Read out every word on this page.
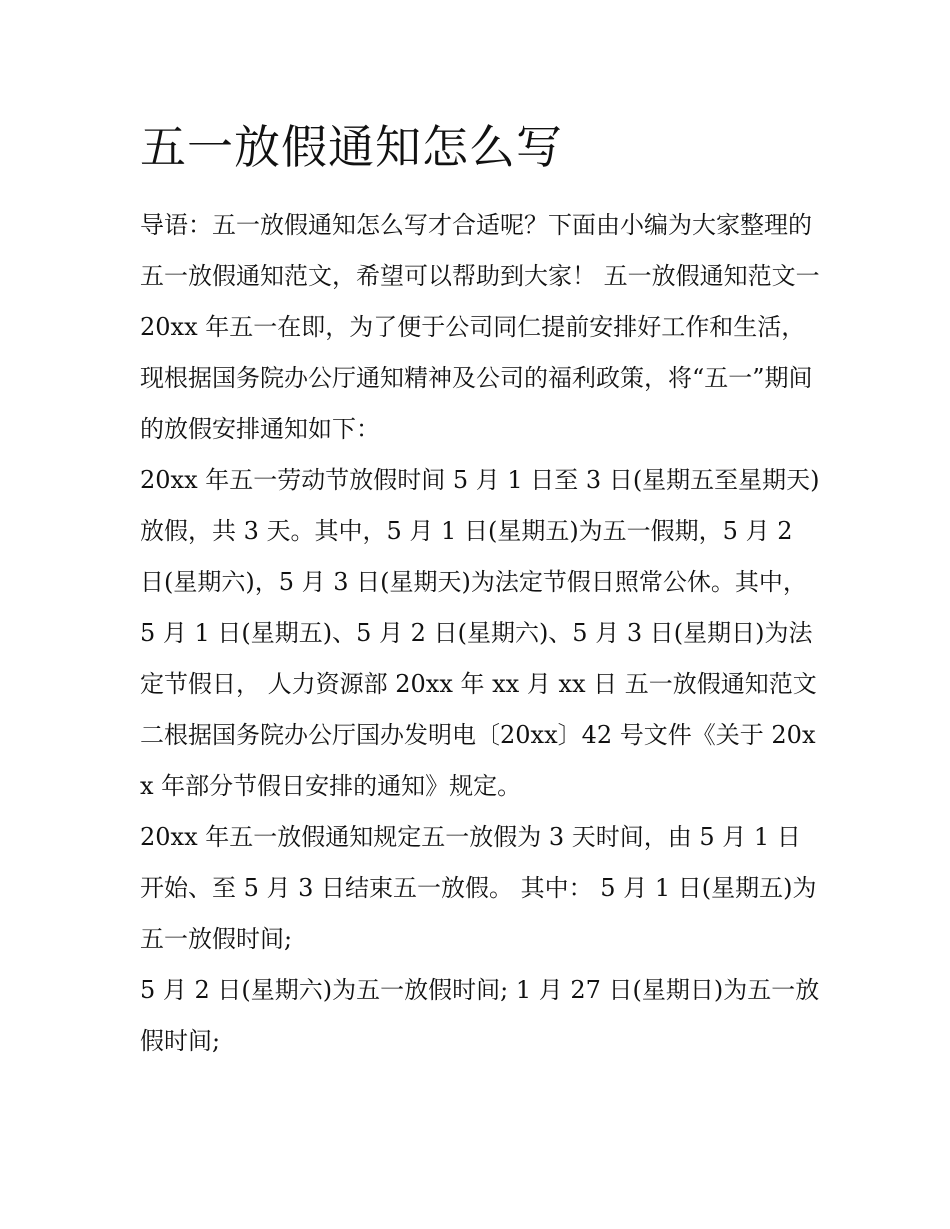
五一放假通知怎么写

导语：五一放假通知怎么写才合适呢？下面由小编为大家整理的五一放假通知范文，希望可以帮助到大家！ 五一放假通知范文一

20xx 年五一在即，为了便于公司同仁提前安排好工作和生活，现根据国务院办公厅通知精神及公司的福利政策，将“五一”期间的放假安排通知如下：

20xx 年五一劳动节放假时间 5 月 1 日至 3 日(星期五至星期天)放假，共 3 天。其中，5 月 1 日(星期五)为五一假期，5 月 2 日(星期六)，5 月 3 日(星期天)为法定节假日照常公休。其中，5 月 1 日(星期五)、5 月 2 日(星期六)、5 月 3 日(星期日)为法定节假日， 人力资源部 20xx 年 xx 月 xx 日 五一放假通知范文二根据国务院办公厅国办发明电〔20xx〕42 号文件《关于 20xx 年部分节假日安排的通知》规定。

20xx 年五一放假通知规定五一放假为 3 天时间，由 5 月 1 日开始、至 5 月 3 日结束五一放假。 其中： 5 月 1 日(星期五)为五一放假时间;

5 月 2 日(星期六)为五一放假时间; 1 月 27 日(星期日)为五一放假时间;
